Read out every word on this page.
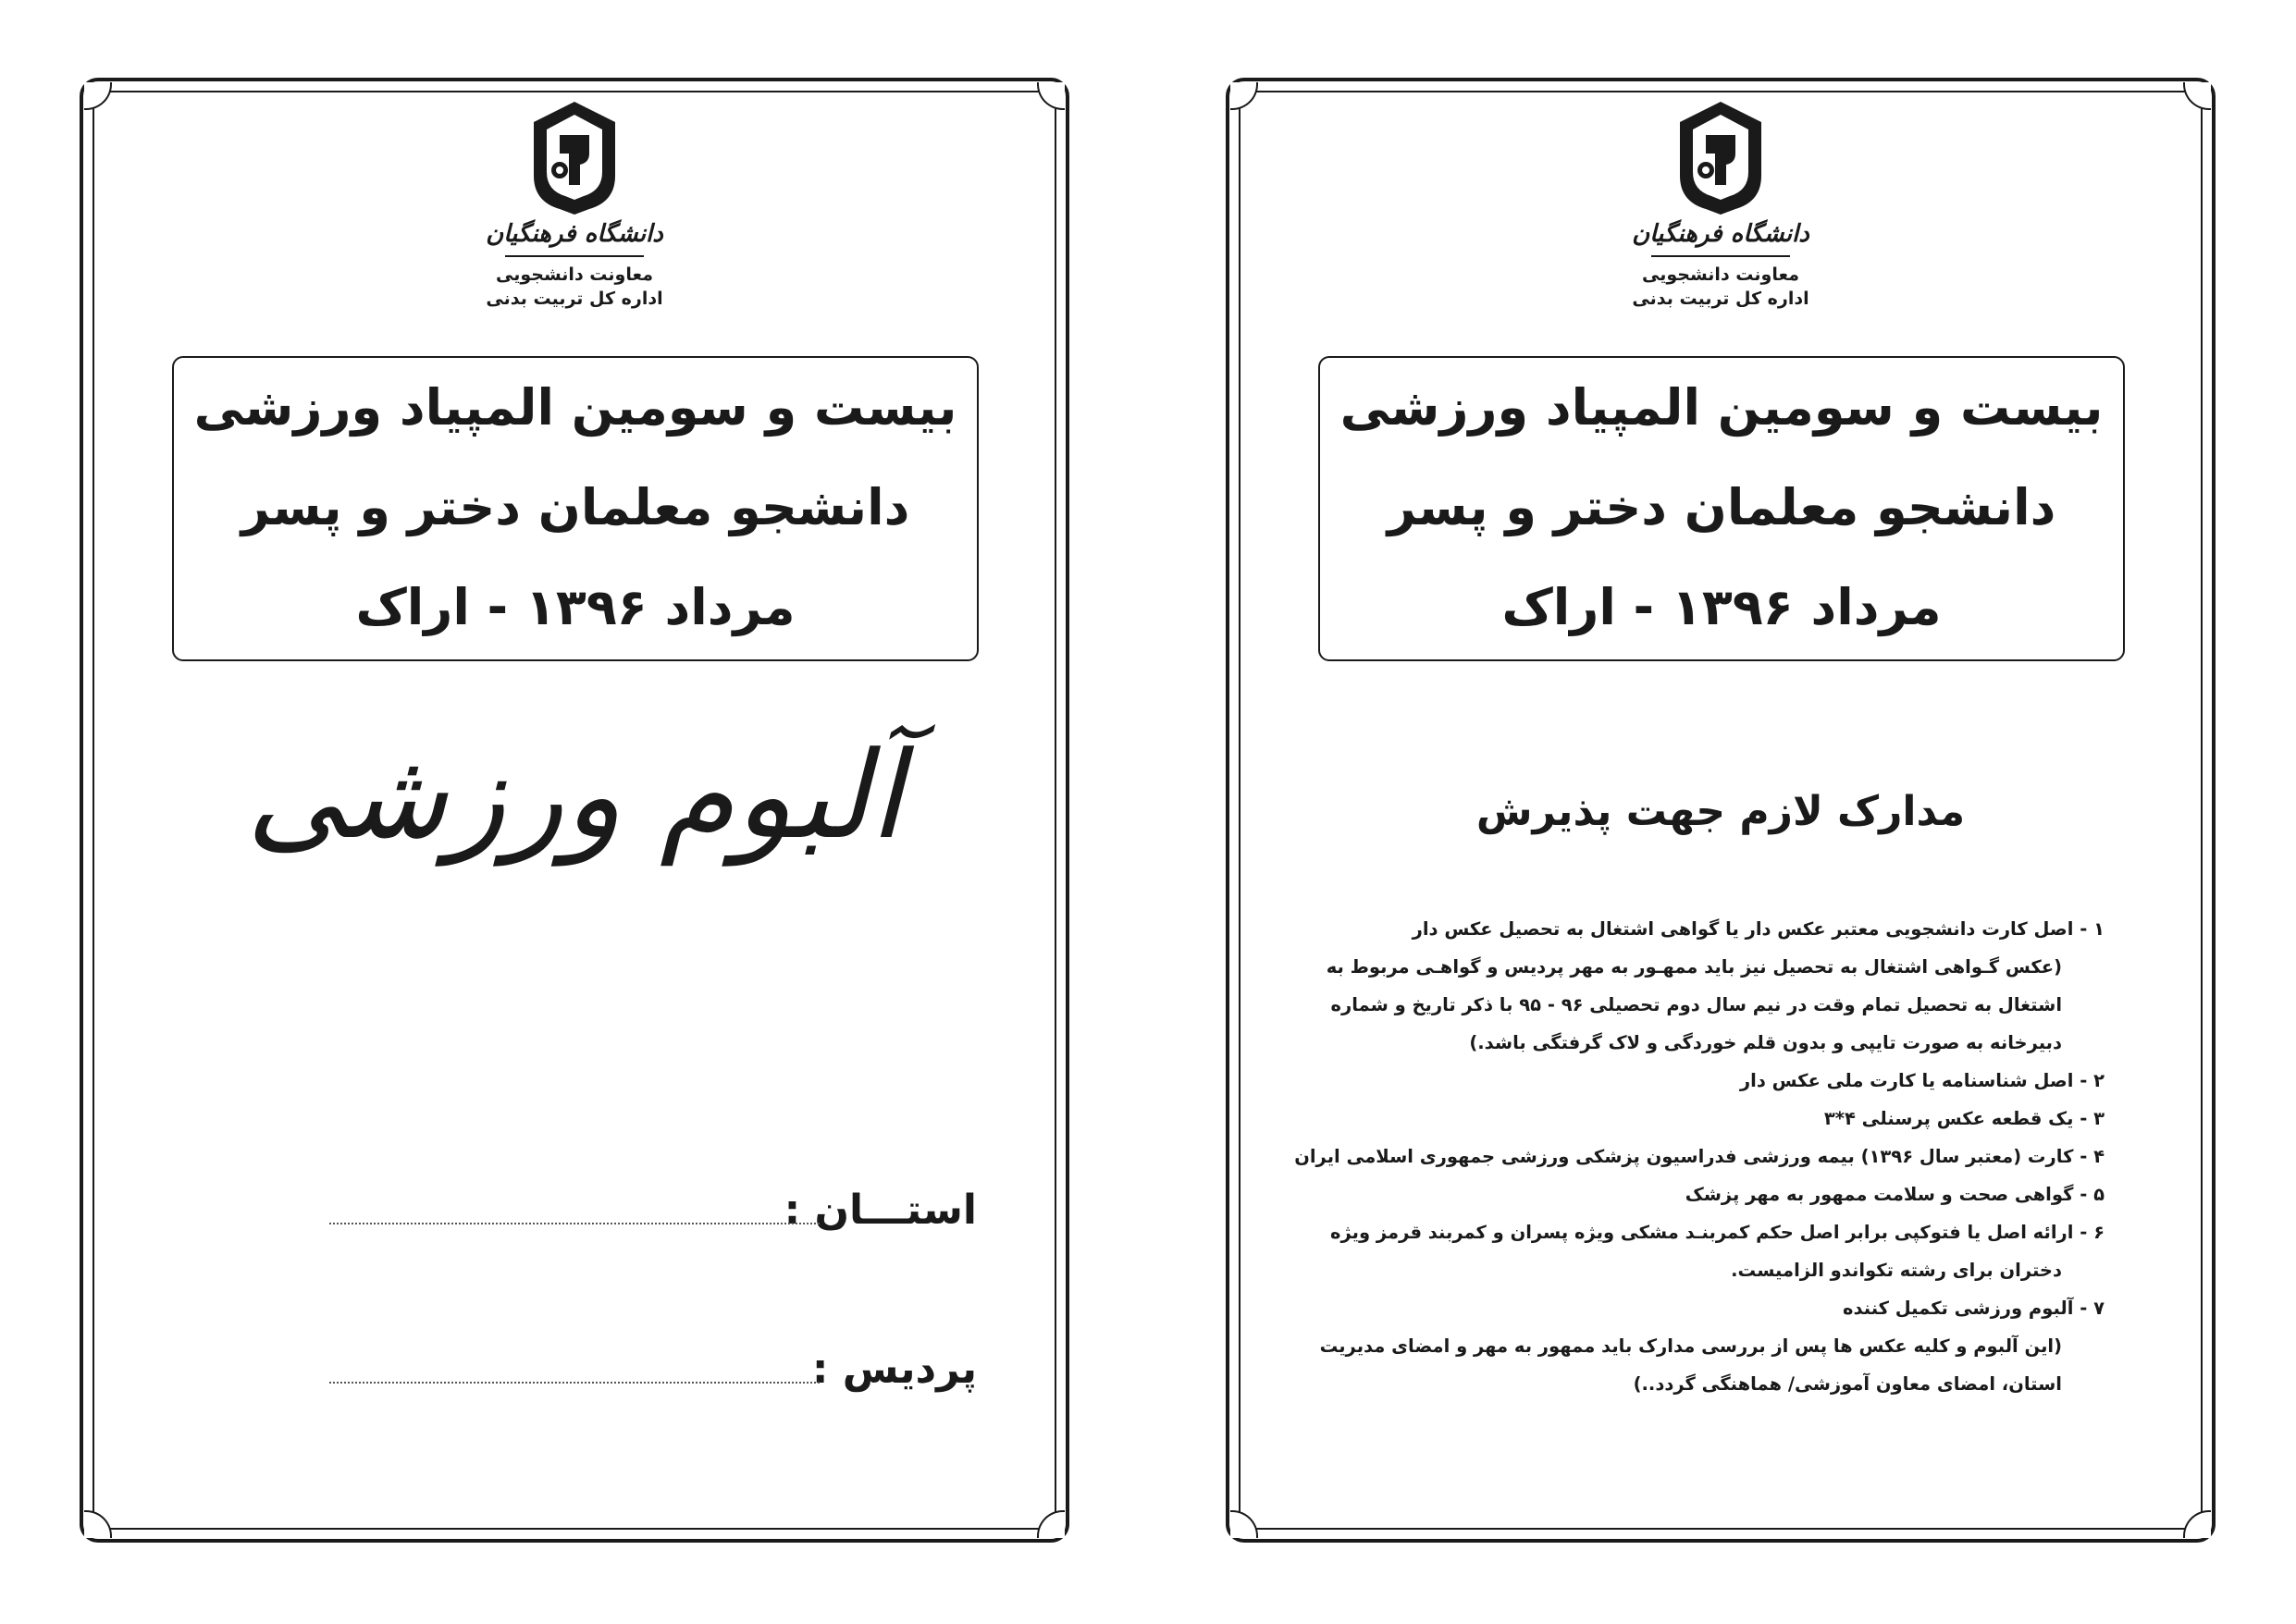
دانشگاه فرهنگیان
معاونت دانشجویی
اداره کل تربیت بدنی
بیست و سومین المپیاد ورزشی
دانشجو معلمان دختر و پسر
مرداد ۱۳۹۶ - اراک
آلبوم ورزشی
استـــان :
پردیس :
دانشگاه فرهنگیان
معاونت دانشجویی
اداره کل تربیت بدنی
بیست و سومین المپیاد ورزشی
دانشجو معلمان دختر و پسر
مرداد ۱۳۹۶ - اراک
مدارک لازم جهت پذیرش
۱ - اصل کارت دانشجویی معتبر عکس دار یا گواهی اشتغال به تحصیل عکس دار
(عکس گـواهی اشتغال به تحصیل نیز باید ممهـور به مهر پردیس و گواهـی مربوط به
اشتغال به تحصیل تمام وقت در نیم سال دوم تحصیلی ۹۶ - ۹۵ با ذکر تاریخ و شماره
دبیرخانه به صورت تایپی و بدون قلم خوردگی و لاک گرفتگی باشد.)
۲ - اصل شناسنامه یا کارت ملی عکس دار
۳ - یک قطعه عکس پرسنلی ۴*۳
۴ - کارت (معتبر سال ۱۳۹۶) بیمه ورزشی فدراسیون پزشکی ورزشی جمهوری اسلامی ایران
۵ - گواهی صحت و سلامت ممهور به مهر پزشک
۶ - ارائه اصل یا فتوکپی برابر اصل حکم کمربنـد مشکی ویژه پسران و کمربند قرمز ویژه
دختران برای رشته تکواندو الزامیست.
۷ - آلبوم ورزشی تکمیل کننده
(این آلبوم و کلیه عکس ها پس از بررسی مدارک باید ممهور به مهر و امضای مدیریت
استان، امضای معاون آموزشی/ هماهنگی گردد..)
